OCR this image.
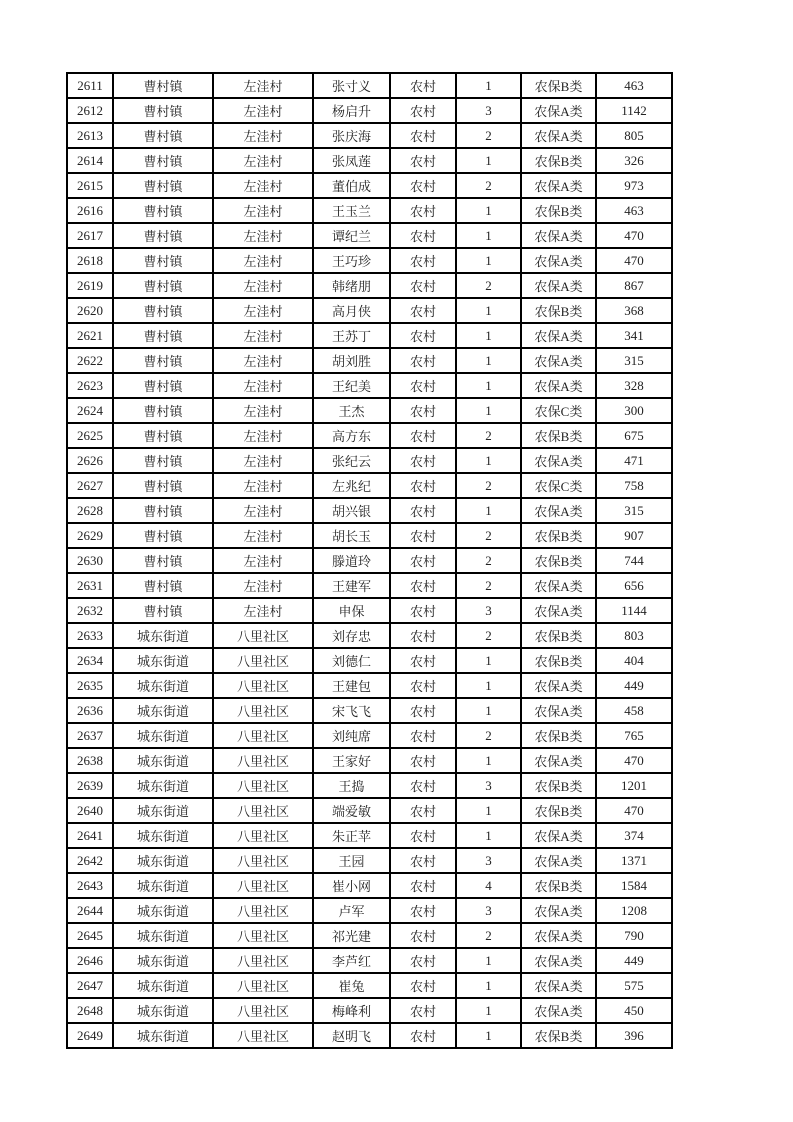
2611	曹村镇	左洼村	张寸义	农村	1	农保B类	463
2612	曹村镇	左洼村	杨启升	农村	3	农保A类	1142
2613	曹村镇	左洼村	张庆海	农村	2	农保A类	805
2614	曹村镇	左洼村	张凤莲	农村	1	农保B类	326
2615	曹村镇	左洼村	董伯成	农村	2	农保A类	973
2616	曹村镇	左洼村	王玉兰	农村	1	农保B类	463
2617	曹村镇	左洼村	谭纪兰	农村	1	农保A类	470
2618	曹村镇	左洼村	王巧珍	农村	1	农保A类	470
2619	曹村镇	左洼村	韩绪朋	农村	2	农保A类	867
2620	曹村镇	左洼村	高月侠	农村	1	农保B类	368
2621	曹村镇	左洼村	王苏丁	农村	1	农保A类	341
2622	曹村镇	左洼村	胡刘胜	农村	1	农保A类	315
2623	曹村镇	左洼村	王纪美	农村	1	农保A类	328
2624	曹村镇	左洼村	王杰	农村	1	农保C类	300
2625	曹村镇	左洼村	高方东	农村	2	农保B类	675
2626	曹村镇	左洼村	张纪云	农村	1	农保A类	471
2627	曹村镇	左洼村	左兆纪	农村	2	农保C类	758
2628	曹村镇	左洼村	胡兴银	农村	1	农保A类	315
2629	曹村镇	左洼村	胡长玉	农村	2	农保B类	907
2630	曹村镇	左洼村	滕道玲	农村	2	农保B类	744
2631	曹村镇	左洼村	王建军	农村	2	农保A类	656
2632	曹村镇	左洼村	申保	农村	3	农保A类	1144
2633	城东街道	八里社区	刘存忠	农村	2	农保B类	803
2634	城东街道	八里社区	刘德仁	农村	1	农保B类	404
2635	城东街道	八里社区	王建包	农村	1	农保A类	449
2636	城东街道	八里社区	宋飞飞	农村	1	农保A类	458
2637	城东街道	八里社区	刘纯席	农村	2	农保B类	765
2638	城东街道	八里社区	王家好	农村	1	农保A类	470
2639	城东街道	八里社区	王捣	农村	3	农保B类	1201
2640	城东街道	八里社区	端爱敏	农村	1	农保B类	470
2641	城东街道	八里社区	朱正苹	农村	1	农保A类	374
2642	城东街道	八里社区	王园	农村	3	农保A类	1371
2643	城东街道	八里社区	崔小网	农村	4	农保B类	1584
2644	城东街道	八里社区	卢军	农村	3	农保A类	1208
2645	城东街道	八里社区	祁光建	农村	2	农保A类	790
2646	城东街道	八里社区	李芦红	农村	1	农保A类	449
2647	城东街道	八里社区	崔兔	农村	1	农保A类	575
2648	城东街道	八里社区	梅峰利	农村	1	农保A类	450
2649	城东街道	八里社区	赵明飞	农村	1	农保B类	396
